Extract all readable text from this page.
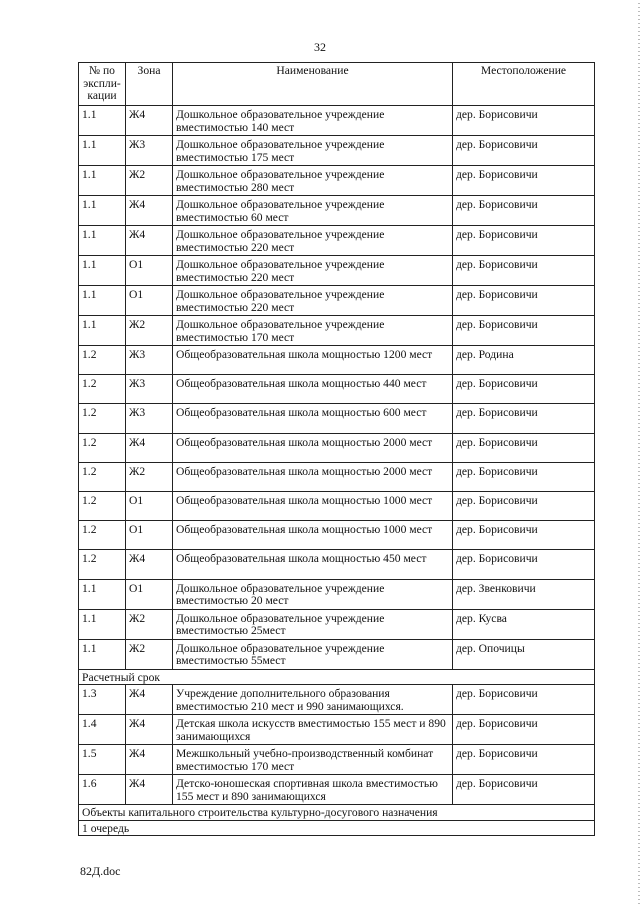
32
№ по экспли-кации	Зона	Наименование	Местоположение
1.1	Ж4	Дошкольное образовательное учреждение вместимостью 140 мест	дер. Борисовичи
1.1	Ж3	Дошкольное образовательное учреждение вместимостью 175 мест	дер. Борисовичи
1.1	Ж2	Дошкольное образовательное учреждение вместимостью 280 мест	дер. Борисовичи
1.1	Ж4	Дошкольное образовательное учреждение вместимостью 60 мест	дер. Борисовичи
1.1	Ж4	Дошкольное образовательное учреждение вместимостью 220 мест	дер. Борисовичи
1.1	О1	Дошкольное образовательное учреждение вместимостью 220 мест	дер. Борисовичи
1.1	О1	Дошкольное образовательное учреждение вместимостью 220 мест	дер. Борисовичи
1.1	Ж2	Дошкольное образовательное учреждение вместимостью 170 мест	дер. Борисовичи
1.2	Ж3	Общеобразовательная школа мощностью 1200 мест	дер. Родина
1.2	Ж3	Общеобразовательная школа мощностью 440 мест	дер. Борисовичи
1.2	Ж3	Общеобразовательная школа мощностью 600 мест	дер. Борисовичи
1.2	Ж4	Общеобразовательная школа мощностью 2000 мест	дер. Борисовичи
1.2	Ж2	Общеобразовательная школа мощностью 2000 мест	дер. Борисовичи
1.2	О1	Общеобразовательная школа мощностью 1000 мест	дер. Борисовичи
1.2	О1	Общеобразовательная школа мощностью 1000 мест	дер. Борисовичи
1.2	Ж4	Общеобразовательная школа мощностью 450 мест	дер. Борисовичи
1.1	О1	Дошкольное образовательное учреждение вместимостью 20 мест	дер. Звенковичи
1.1	Ж2	Дошкольное образовательное учреждение вместимостью 25мест	дер. Кусва
1.1	Ж2	Дошкольное образовательное учреждение вместимостью 55мест	дер. Опочицы
Расчетный срок			
1.3	Ж4	Учреждение дополнительного образования вместимостью 210 мест и 990 занимающихся.	дер. Борисовичи
1.4	Ж4	Детская школа искусств вместимостью 155 мест и 890 занимающихся	дер. Борисовичи
1.5	Ж4	Межшкольный учебно-производственный комбинат вместимостью 170 мест	дер. Борисовичи
1.6	Ж4	Детско-юношеская спортивная школа вместимостью 155 мест и 890 занимающихся	дер. Борисовичи
Объекты капитального строительства культурно-досугового назначения			
1 очередь			
82Д.doc
